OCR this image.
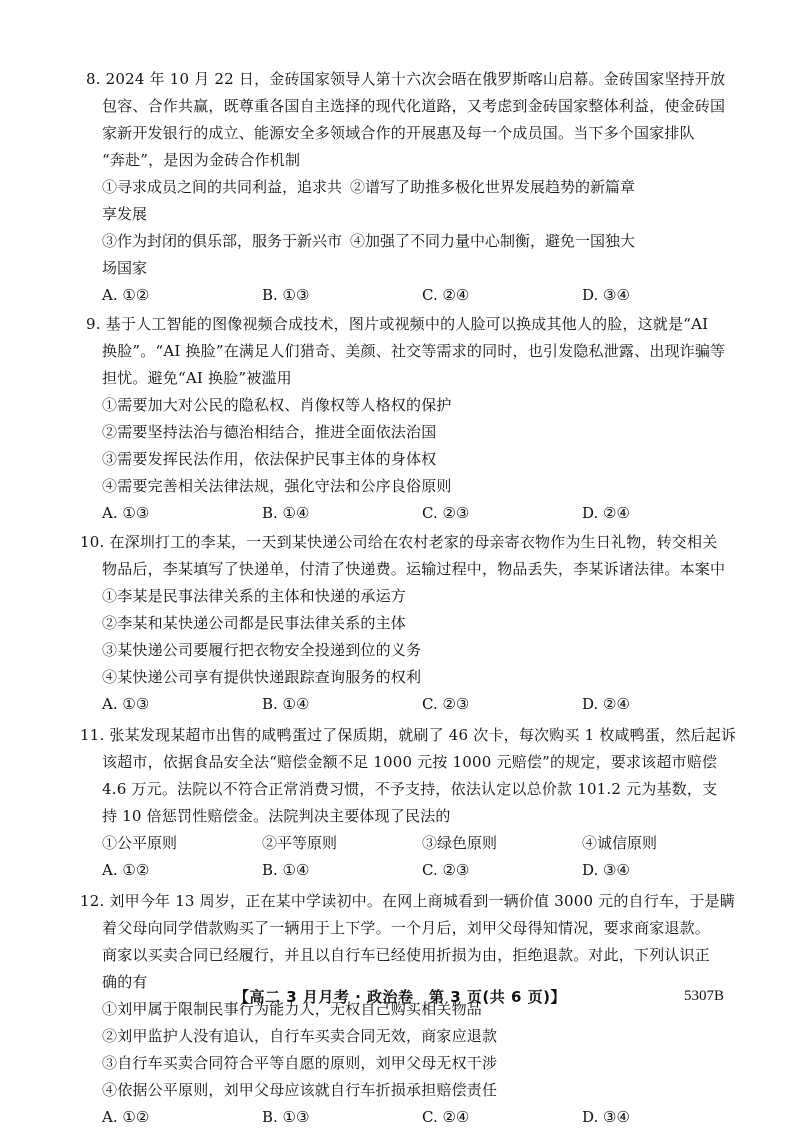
8. 2024 年 10 月 22 日，金砖国家领导人第十六次会晤在俄罗斯喀山启幕。金砖国家坚持开放

包容、合作共赢，既尊重各国自主选择的现代化道路，又考虑到金砖国家整体利益，使金砖国

家新开发银行的成立、能源安全多领域合作的开展惠及每一个成员国。当下多个国家排队

“奔赴”，是因为金砖合作机制

①寻求成员之间的共同利益，追求共享发展
②谱写了助推多极化世界发展趋势的新篇章
③作为封闭的俱乐部，服务于新兴市场国家
④加强了不同力量中心制衡，避免一国独大
A. ①②	B. ①③	C. ②④	D. ③④

9. 基于人工智能的图像视频合成技术，图片或视频中的人脸可以换成其他人的脸，这就是“AI

换脸”。“AI 换脸”在满足人们猎奇、美颜、社交等需求的同时，也引发隐私泄露、出现诈骗等

担忧。避免“AI 换脸”被滥用

①需要加大对公民的隐私权、肖像权等人格权的保护

②需要坚持法治与德治相结合，推进全面依法治国

③需要发挥民法作用，依法保护民事主体的身体权

④需要完善相关法律法规，强化守法和公序良俗原则

A. ①③	B. ①④	C. ②③	D. ②④

10. 在深圳打工的李某，一天到某快递公司给在农村老家的母亲寄衣物作为生日礼物，转交相关

物品后，李某填写了快递单，付清了快递费。运输过程中，物品丢失，李某诉诸法律。本案中

①李某是民事法律关系的主体和快递的承运方

②李某和某快递公司都是民事法律关系的主体

③某快递公司要履行把衣物安全投递到位的义务

④某快递公司享有提供快递跟踪查询服务的权利

A. ①③	B. ①④	C. ②③	D. ②④

11. 张某发现某超市出售的咸鸭蛋过了保质期，就刷了 46 次卡，每次购买 1 枚咸鸭蛋，然后起诉

该超市，依据食品安全法“赔偿金额不足 1000 元按 1000 元赔偿”的规定，要求该超市赔偿

4.6 万元。法院以不符合正常消费习惯，不予支持，依法认定以总价款 101.2 元为基数，支

持 10 倍惩罚性赔偿金。法院判决主要体现了民法的

①公平原则	②平等原则	③绿色原则	④诚信原则
A. ①②	B. ①④	C. ②③	D. ③④

12. 刘甲今年 13 周岁，正在某中学读初中。在网上商城看到一辆价值 3000 元的自行车，于是瞒

着父母向同学借款购买了一辆用于上下学。一个月后，刘甲父母得知情况，要求商家退款。

商家以买卖合同已经履行，并且以自行车已经使用折损为由，拒绝退款。对此，下列认识正

确的有

①刘甲属于限制民事行为能力人，无权自己购买相关物品

②刘甲监护人没有追认，自行车买卖合同无效，商家应退款

③自行车买卖合同符合平等自愿的原则，刘甲父母无权干涉

④依据公平原则，刘甲父母应该就自行车折损承担赔偿责任

A. ①②	B. ①③	C. ②④	D. ③④
【高二 3 月月考 · 政治卷　第 3 页(共 6 页)】	5307B
